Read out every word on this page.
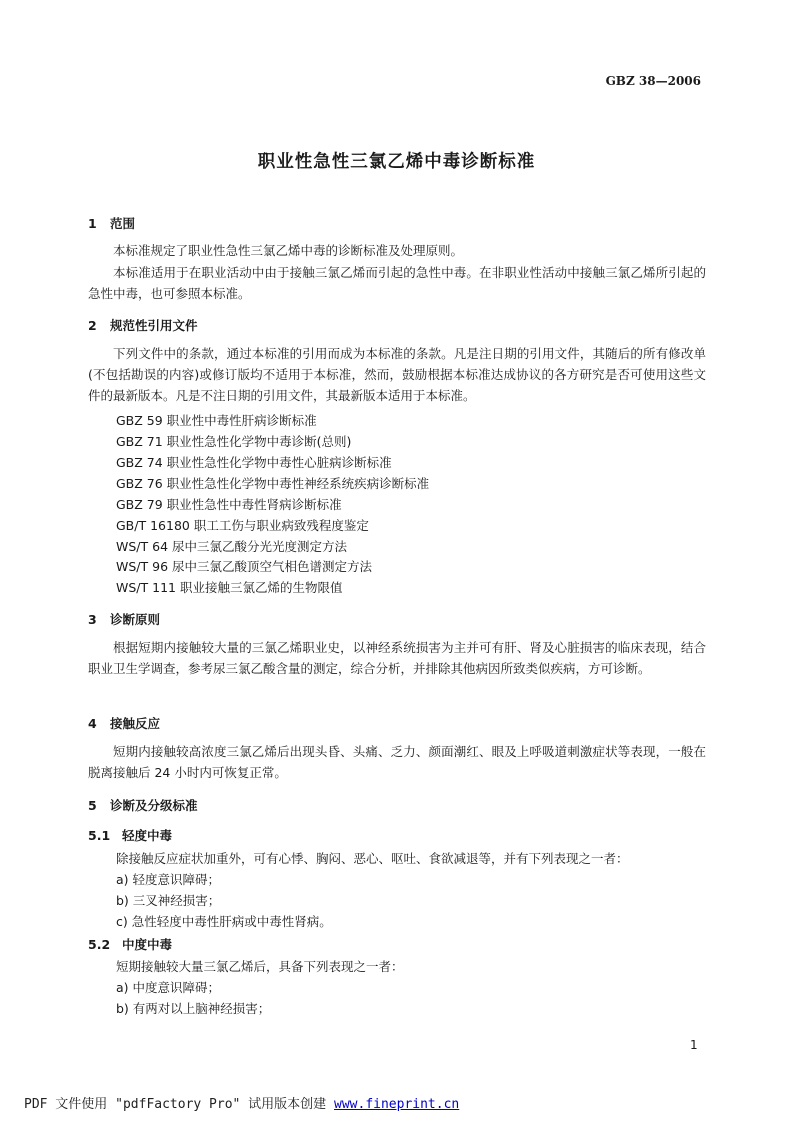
GBZ 38—2006
职业性急性三氯乙烯中毒诊断标准
1 范围
本标准规定了职业性急性三氯乙烯中毒的诊断标准及处理原则。
本标准适用于在职业活动中由于接触三氯乙烯而引起的急性中毒。在非职业性活动中接触三氯乙烯所引起的急性中毒，也可参照本标准。
2 规范性引用文件
下列文件中的条款，通过本标准的引用而成为本标准的条款。凡是注日期的引用文件，其随后的所有修改单(不包括勘误的内容)或修订版均不适用于本标准，然而，鼓励根据本标准达成协议的各方研究是否可使用这些文件的最新版本。凡是不注日期的引用文件，其最新版本适用于本标准。
GBZ 59 职业性中毒性肝病诊断标准
GBZ 71 职业性急性化学物中毒诊断(总则)
GBZ 74 职业性急性化学物中毒性心脏病诊断标准
GBZ 76 职业性急性化学物中毒性神经系统疾病诊断标准
GBZ 79 职业性急性中毒性肾病诊断标准
GB/T 16180 职工工伤与职业病致残程度鉴定
WS/T 64 尿中三氯乙酸分光光度测定方法
WS/T 96 尿中三氯乙酸顶空气相色谱测定方法
WS/T 111 职业接触三氯乙烯的生物限值
3 诊断原则
根据短期内接触较大量的三氯乙烯职业史，以神经系统损害为主并可有肝、肾及心脏损害的临床表现，结合职业卫生学调查，参考尿三氯乙酸含量的测定，综合分析，并排除其他病因所致类似疾病，方可诊断。
4 接触反应
短期内接触较高浓度三氯乙烯后出现头昏、头痛、乏力、颜面潮红、眼及上呼吸道刺激症状等表现，一般在脱离接触后 24 小时内可恢复正常。
5 诊断及分级标准
5.1 轻度中毒
除接触反应症状加重外，可有心悸、胸闷、恶心、呕吐、食欲减退等，并有下列表现之一者：
a) 轻度意识障碍；
b) 三叉神经损害；
c) 急性轻度中毒性肝病或中毒性肾病。
5.2 中度中毒
短期接触较大量三氯乙烯后，具备下列表现之一者：
a) 中度意识障碍；
b) 有两对以上脑神经损害；
1
PDF 文件使用 "pdfFactory Pro" 试用版本创建 www.fineprint.cn
